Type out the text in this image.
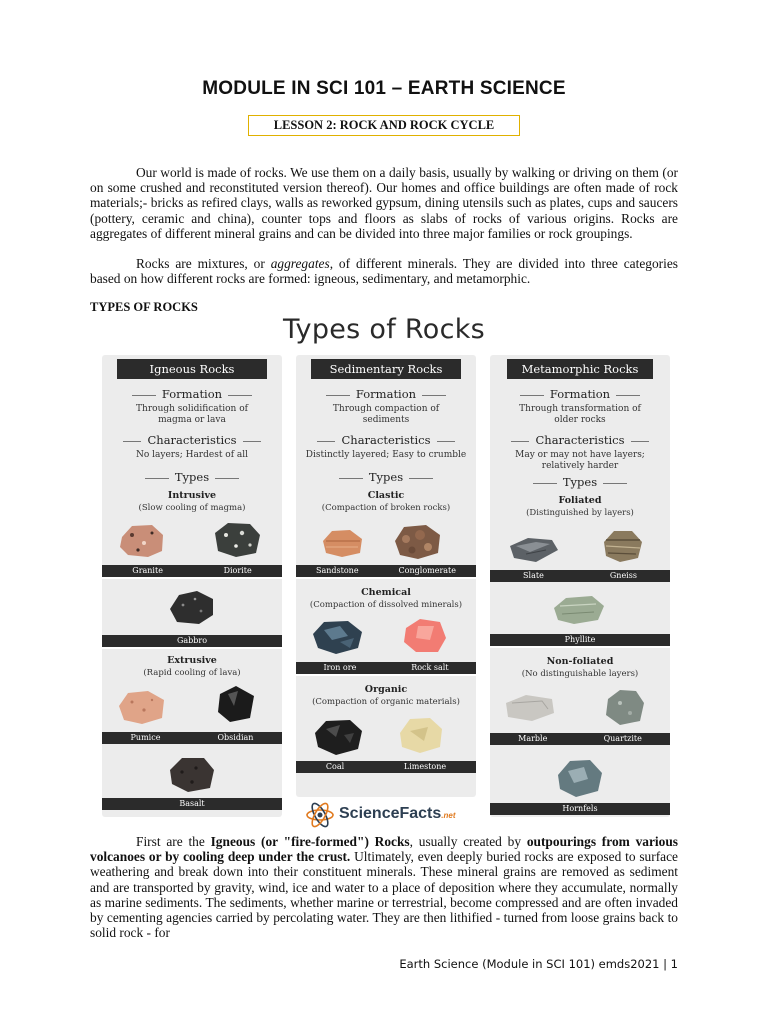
MODULE IN SCI 101 – EARTH SCIENCE
LESSON 2: ROCK AND ROCK CYCLE
Our world is made of rocks. We use them on a daily basis, usually by walking or driving on them (or on some crushed and reconstituted version thereof). Our homes and office buildings are often made of rock materials;- bricks as refired clays, walls as reworked gypsum, dining utensils such as plates, cups and saucers (pottery, ceramic and china), counter tops and floors as slabs of rocks of various origins. Rocks are aggregates of different mineral grains and can be divided into three major families or rock groupings.
Rocks are mixtures, or aggregates, of different minerals. They are divided into three categories based on how different rocks are formed: igneous, sedimentary, and metamorphic.
TYPES OF ROCKS
Types of Rocks
Igneous Rocks
Formation
Through solidification of magma or lava
Characteristics
No layers; Hardest of all
Types
Intrusive
(Slow cooling of magma)
Granite	Diorite
Gabbro
Extrusive
(Rapid cooling of lava)
Pumice	Obsidian
Basalt
Sedimentary Rocks
Formation
Through compaction of sediments
Characteristics
Distinctly layered; Easy to crumble
Types
Clastic
(Compaction of broken rocks)
Sandstone	Conglomerate
Chemical
(Compaction of dissolved minerals)
Iron ore	Rock salt
Organic
(Compaction of organic materials)
Coal	Limestone
Metamorphic Rocks
Formation
Through transformation of older rocks
Characteristics
May or may not have layers; relatively harder
Types
Foliated
(Distinguished by layers)
Slate	Gneiss
Phyllite
Non-foliated
(No distinguishable layers)
Marble	Quartzite
Hornfels
ScienceFacts.net
First are the Igneous (or "fire-formed") Rocks, usually created by outpourings from various volcanoes or by cooling deep under the crust. Ultimately, even deeply buried rocks are exposed to surface weathering and break down into their constituent minerals. These mineral grains are removed as sediment and are transported by gravity, wind, ice and water to a place of deposition where they accumulate, normally as marine sediments. The sediments, whether marine or terrestrial, become compressed and are often invaded by cementing agencies carried by percolating water. They are then lithified - turned from loose grains back to solid rock - for
Earth Science (Module in SCI 101) emds2021 | 1
